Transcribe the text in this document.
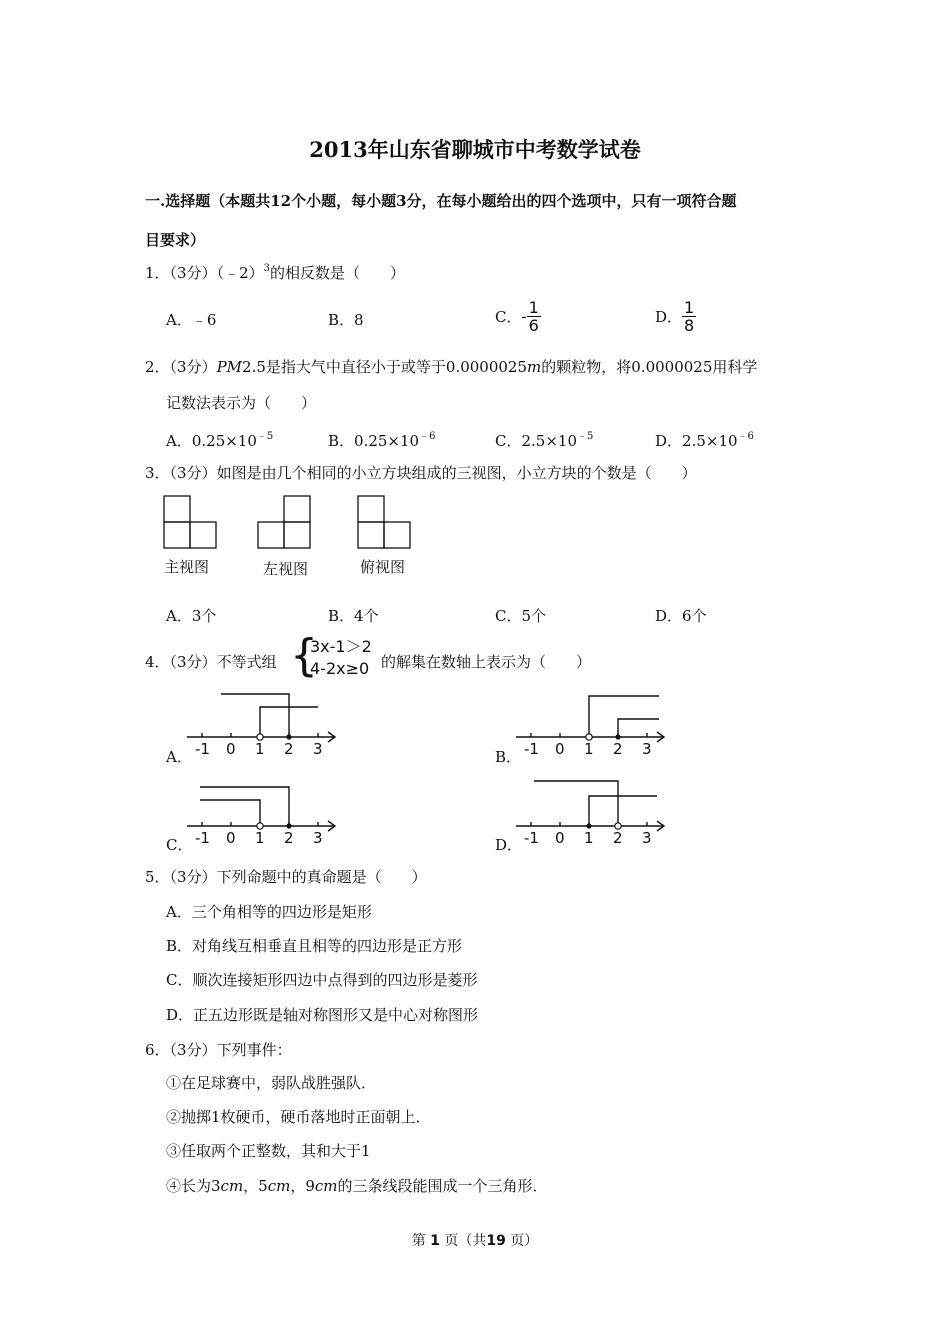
2013年山东省聊城市中考数学试卷
一.选择题（本题共12个小题，每小题3分，在每小题给出的四个选项中，只有一项符合题
目要求）
1．（3分）（﹣2）$^3$的相反数是（　　）
A．﹣6	B．8	C．- $\frac{1}{6}$	D． $\frac{1}{8}$
2．（3分）PM2.5是指大气中直径小于或等于0.0000025m的颗粒物，将0.0000025用科学
记数法表示为（　　）
A．$0.25\times 10^{﹣5}$	B．$0.25\times 10^{﹣6}$	C．$2.5\times 10^{﹣5}$	D．$2.5\times 10^{﹣6}$
3．（3分）如图是由几个相同的小立方块组成的三视图，小立方块的个数是（　　）
主视图	左视图	俯视图
A．3个	B．4个	C．5个	D．6个
4．（3分）不等式组 {
3x-1＞2
4-2x≥0 的解集在数轴上表示为（　　）
A．	B．
C．	D．
-1 0 1 2 3	-1 0 1 2 3
-1 0 1 2 3	-1 0 1 2 3
5．（3分）下列命题中的真命题是（　　）
A．三个角相等的四边形是矩形
B．对角线互相垂直且相等的四边形是正方形
C．顺次连接矩形四边中点得到的四边形是菱形
D．正五边形既是轴对称图形又是中心对称图形
6．（3分）下列事件：
①在足球赛中，弱队战胜强队．
②抛掷1枚硬币，硬币落地时正面朝上．
③任取两个正整数，其和大于1
④长为3cm，5cm，9cm的三条线段能围成一个三角形．
第 1 页（共19 页）
